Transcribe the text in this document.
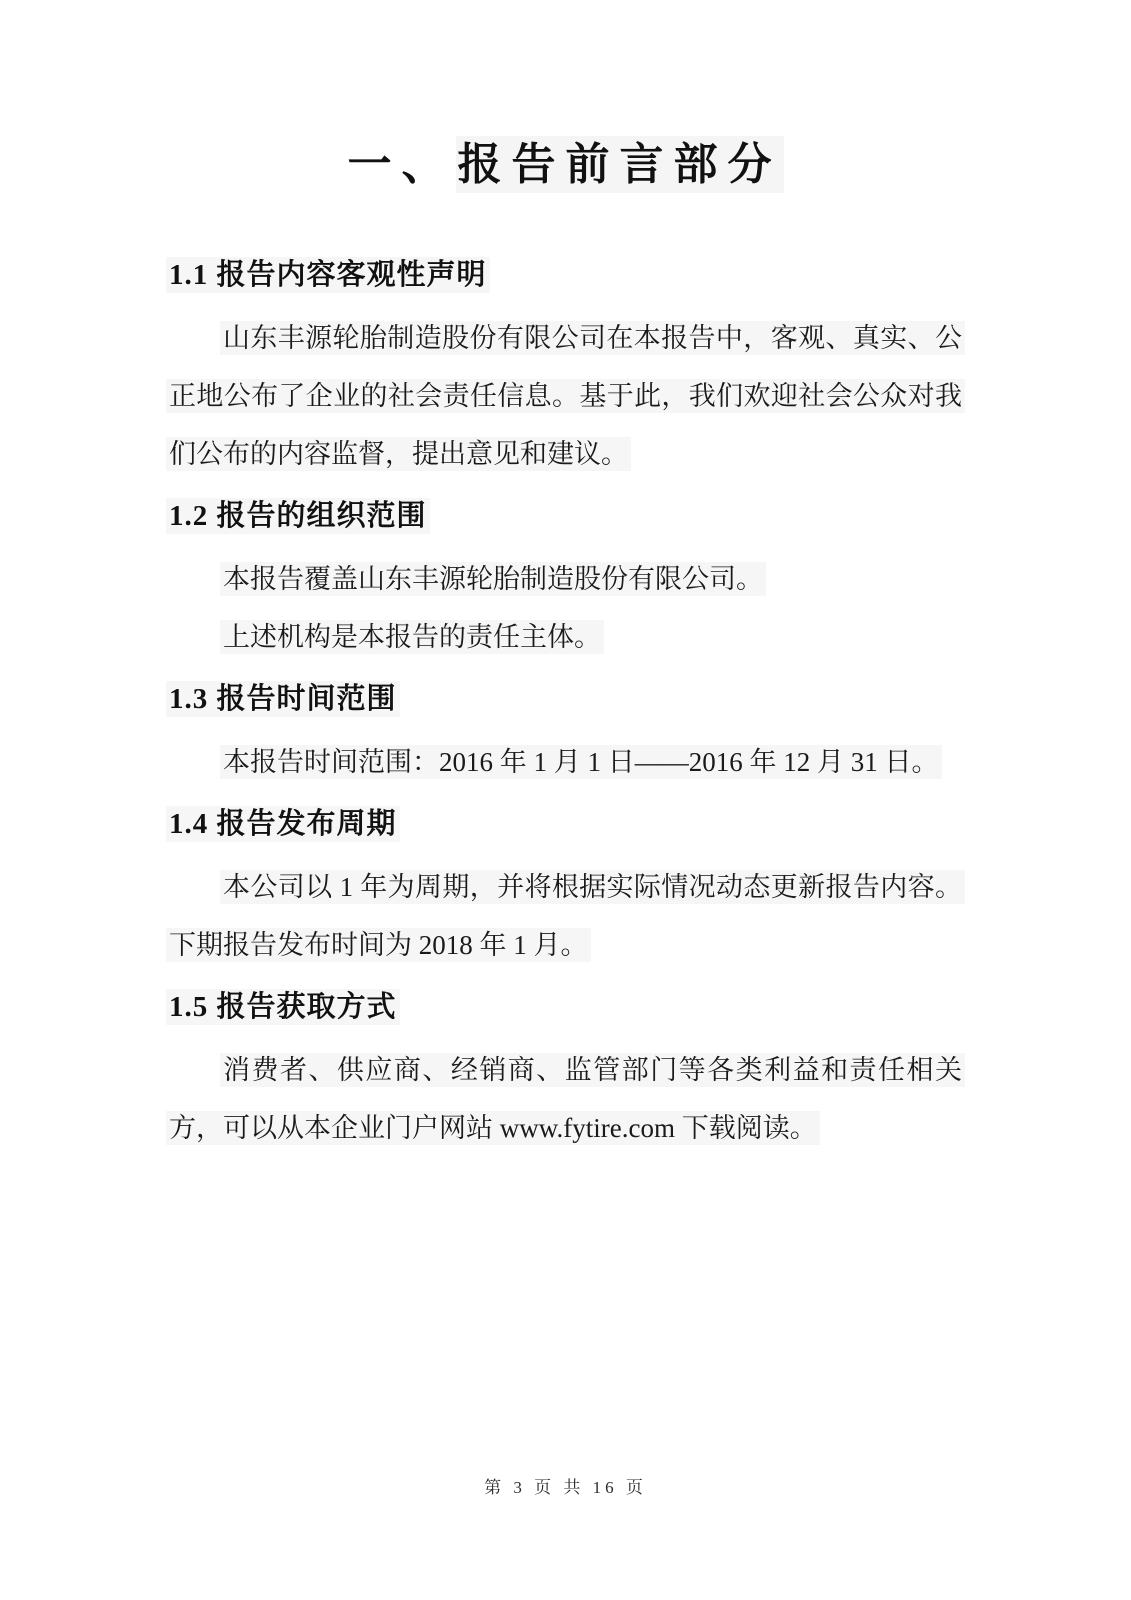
一、报告前言部分
1.1 报告内容客观性声明

山东丰源轮胎制造股份有限公司在本报告中，客观、真实、公正地公布了企业的社会责任信息。基于此，我们欢迎社会公众对我们公布的内容监督，提出意见和建议。

1.2 报告的组织范围

本报告覆盖山东丰源轮胎制造股份有限公司。

上述机构是本报告的责任主体。

1.3 报告时间范围

本报告时间范围：2016 年 1 月 1 日——2016 年 12 月 31 日。

1.4 报告发布周期

本公司以 1 年为周期，并将根据实际情况动态更新报告内容。下期报告发布时间为 2018 年 1 月。

1.5 报告获取方式

消费者、供应商、经销商、监管部门等各类利益和责任相关方，可以从本企业门户网站 www.fytire.com 下载阅读。

第 3 页 共 16 页
